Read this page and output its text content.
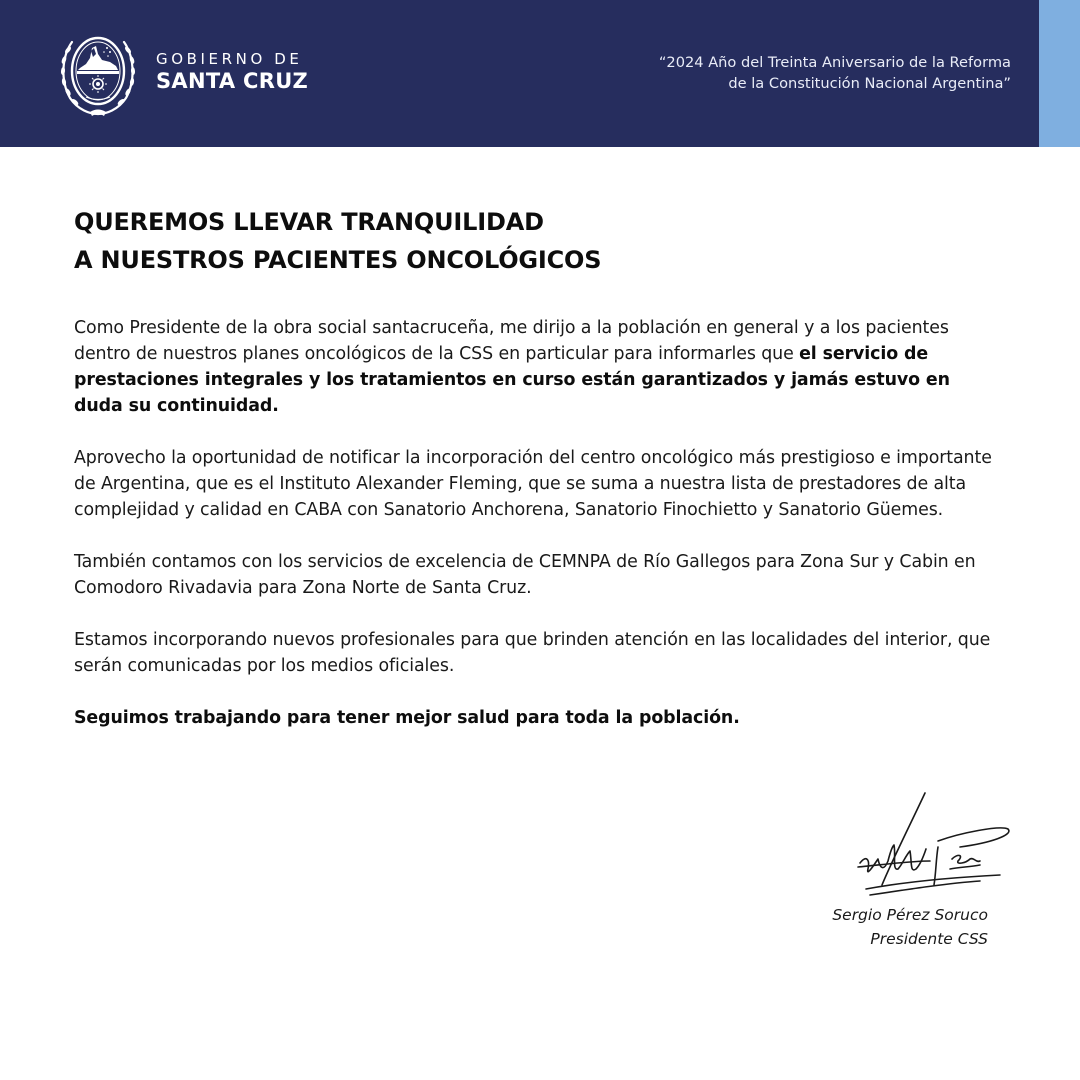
GOBIERNO DE
SANTA CRUZ
“2024 Año del Treinta Aniversario de la Reforma
de la Constitución Nacional Argentina”
QUEREMOS LLEVAR TRANQUILIDAD
A NUESTROS PACIENTES ONCOLÓGICOS

Como Presidente de la obra social santacruceña, me dirijo a la población en general y a los pacientes dentro de nuestros planes oncológicos de la CSS en particular para informarles que el servicio de prestaciones integrales y los tratamientos en curso están garantizados y jamás estuvo en duda su continuidad.

Aprovecho la oportunidad de notificar la incorporación del centro oncológico más prestigioso e importante de Argentina, que es el Instituto Alexander Fleming, que se suma a nuestra lista de prestadores de alta complejidad y calidad en CABA con Sanatorio Anchorena, Sanatorio Finochietto y Sanatorio Güemes.

También contamos con los servicios de excelencia de CEMNPA de Río Gallegos para Zona Sur y Cabin en Comodoro Rivadavia para Zona Norte de Santa Cruz.

Estamos incorporando nuevos profesionales para que brinden atención en las localidades del interior, que serán comunicadas por los medios oficiales.

Seguimos trabajando para tener mejor salud para toda la población.

Sergio Pérez Soruco
Presidente CSS
